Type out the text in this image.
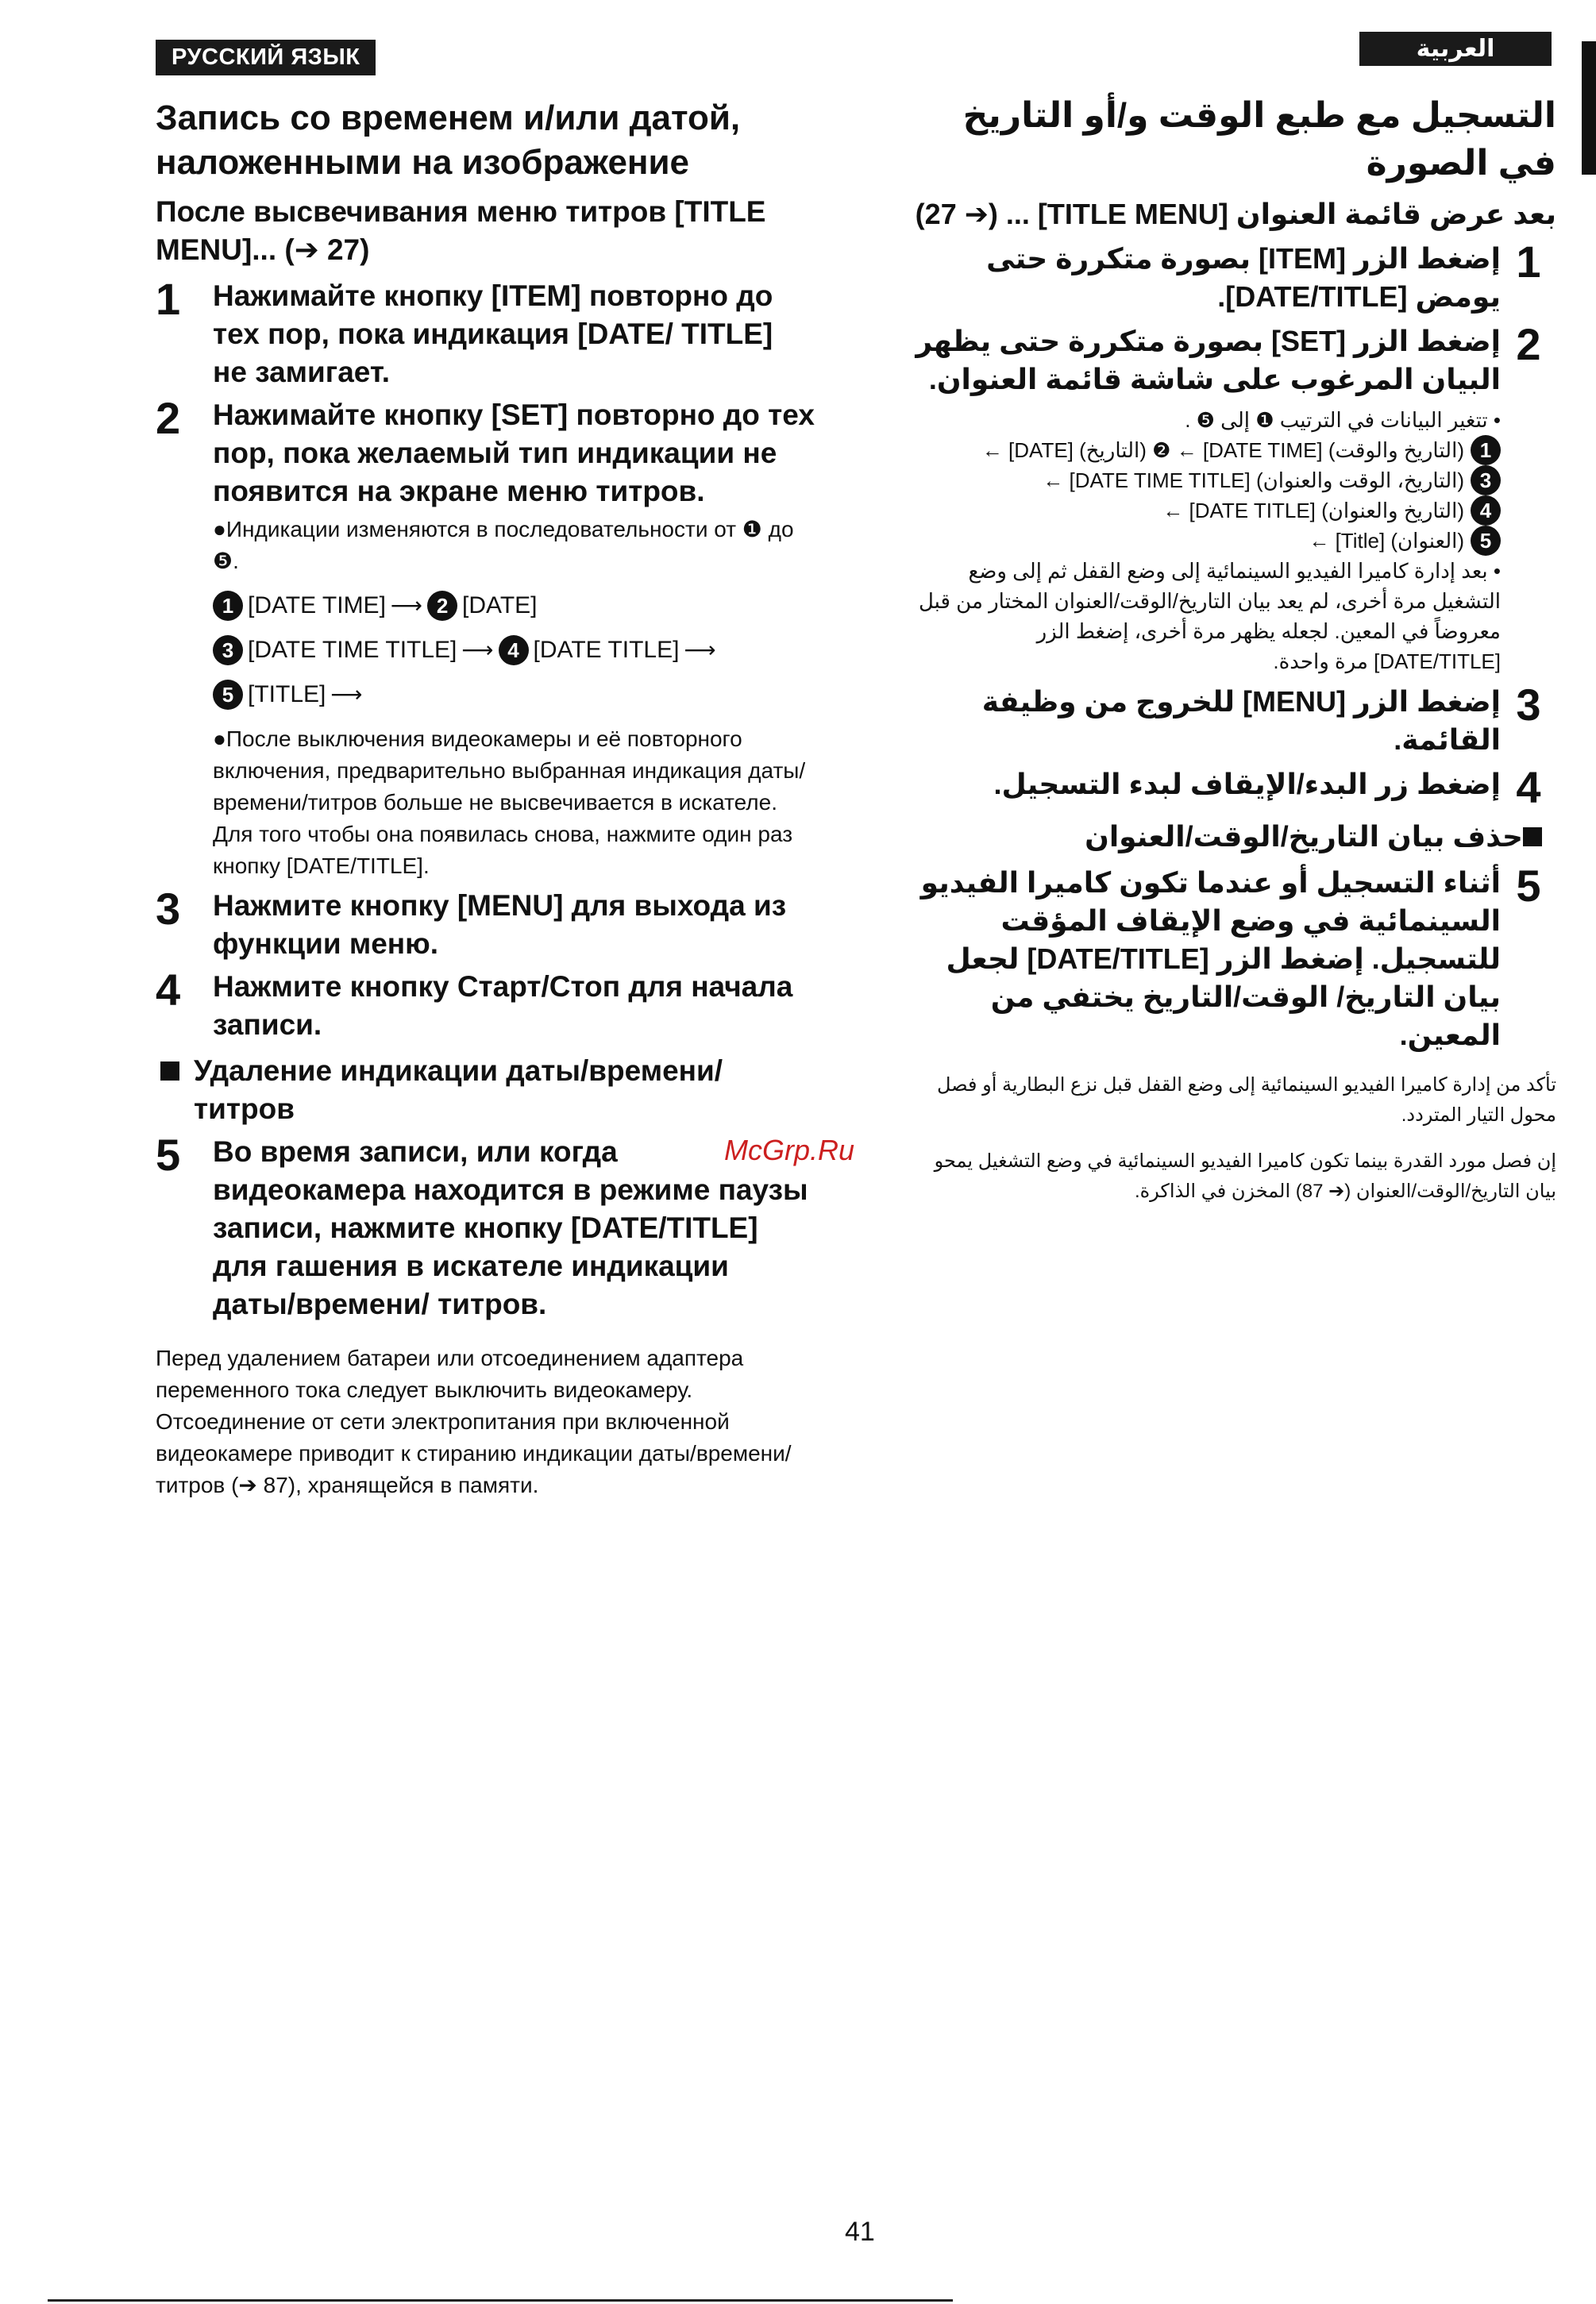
РУССКИЙ ЯЗЫК
Запись со временем и/или датой, наложенными на изображение
После высвечивания меню титров [TITLE MENU]... (➔ 27)
1	Нажимайте кнопку [ITEM] повторно до тех пор, пока индикация [DATE/ TITLE] не замигает.
2	Нажимайте кнопку [SET] повторно до тех пор, пока желаемый тип индикации не появится на экране меню титров.
●Индикации изменяются в последовательности от ❶ до ❺.
1 [DATE TIME] ⟶ 2 [DATE]
3 [DATE TIME TITLE] ⟶ 4 [DATE TITLE] ⟶
5 [TITLE] ⟶
●После выключения видеокамеры и её повторного включения, предварительно выбранная индикация даты/времени/титров больше не высвечивается в искателе. Для того чтобы она появилась снова, нажмите один раз кнопку [DATE/TITLE].
3	Нажмите кнопку [MENU] для выхода из функции меню.
4	Нажмите кнопку Старт/Стоп для начала записи.
Удаление индикации даты/времени/ титров
5	Во время записи, или когда видеокамера находится в режиме паузы записи, нажмите кнопку [DATE/TITLE] для гашения в искателе индикации даты/времени/ титров.
Перед удалением батареи или отсоединением адаптера переменного тока следует выключить видеокамеру. Отсоединение от сети электропитания при включенной видеокамере приводит к стиранию индикации даты/времени/титров (➔ 87), хранящейся в памяти.
العربية
التسجيل مع طبع الوقت و/أو التاريخ في الصورة
بعد عرض قائمة العنوان [TITLE MENU] ... (➔ 27)
1
إضغط الزر [ITEM] بصورة متكررة حتى يومض [DATE/TITLE].
2
إضغط الزر [SET] بصورة متكررة حتى يظهر البيان المرغوب على شاشة قائمة العنوان.
• تتغير البيانات في الترتيب ❶ إلى ❺ .
1
(التاريخ والوقت) [DATE TIME] ← ❷ (التاريخ) [DATE] ←
3
(التاريخ، الوقت والعنوان) [DATE TIME TITLE] ←
4
(التاريخ والعنوان) [DATE TITLE] ←
5
(العنوان) [Title] ←
• بعد إدارة كاميرا الفيديو السينمائية إلى وضع القفل ثم إلى وضع التشغيل مرة أخرى، لم يعد بيان التاريخ/الوقت/العنوان المختار من قبل معروضاً في المعين. لجعله يظهر مرة أخرى، إضغط الزر [DATE/TITLE] مرة واحدة.
3
إضغط الزر [MENU] للخروج من وظيفة القائمة.
4
إضغط زر البدء/الإيقاف لبدء التسجيل.
حذف بيان التاريخ/الوقت/العنوان
5
أثناء التسجيل أو عندما تكون كاميرا الفيديو السينمائية في وضع الإيقاف المؤقت للتسجيل. إضغط الزر [DATE/TITLE] لجعل بيان التاريخ/ الوقت/التاريخ يختفي من المعين.
تأكد من إدارة كاميرا الفيديو السينمائية إلى وضع القفل قبل نزع البطارية أو فصل محول التيار المتردد.
إن فصل مورد القدرة بينما تكون كاميرا الفيديو السينمائية في وضع التشغيل يمحو بيان التاريخ/الوقت/العنوان (➔ 87) المخزن في الذاكرة.
McGrp.Ru
41
